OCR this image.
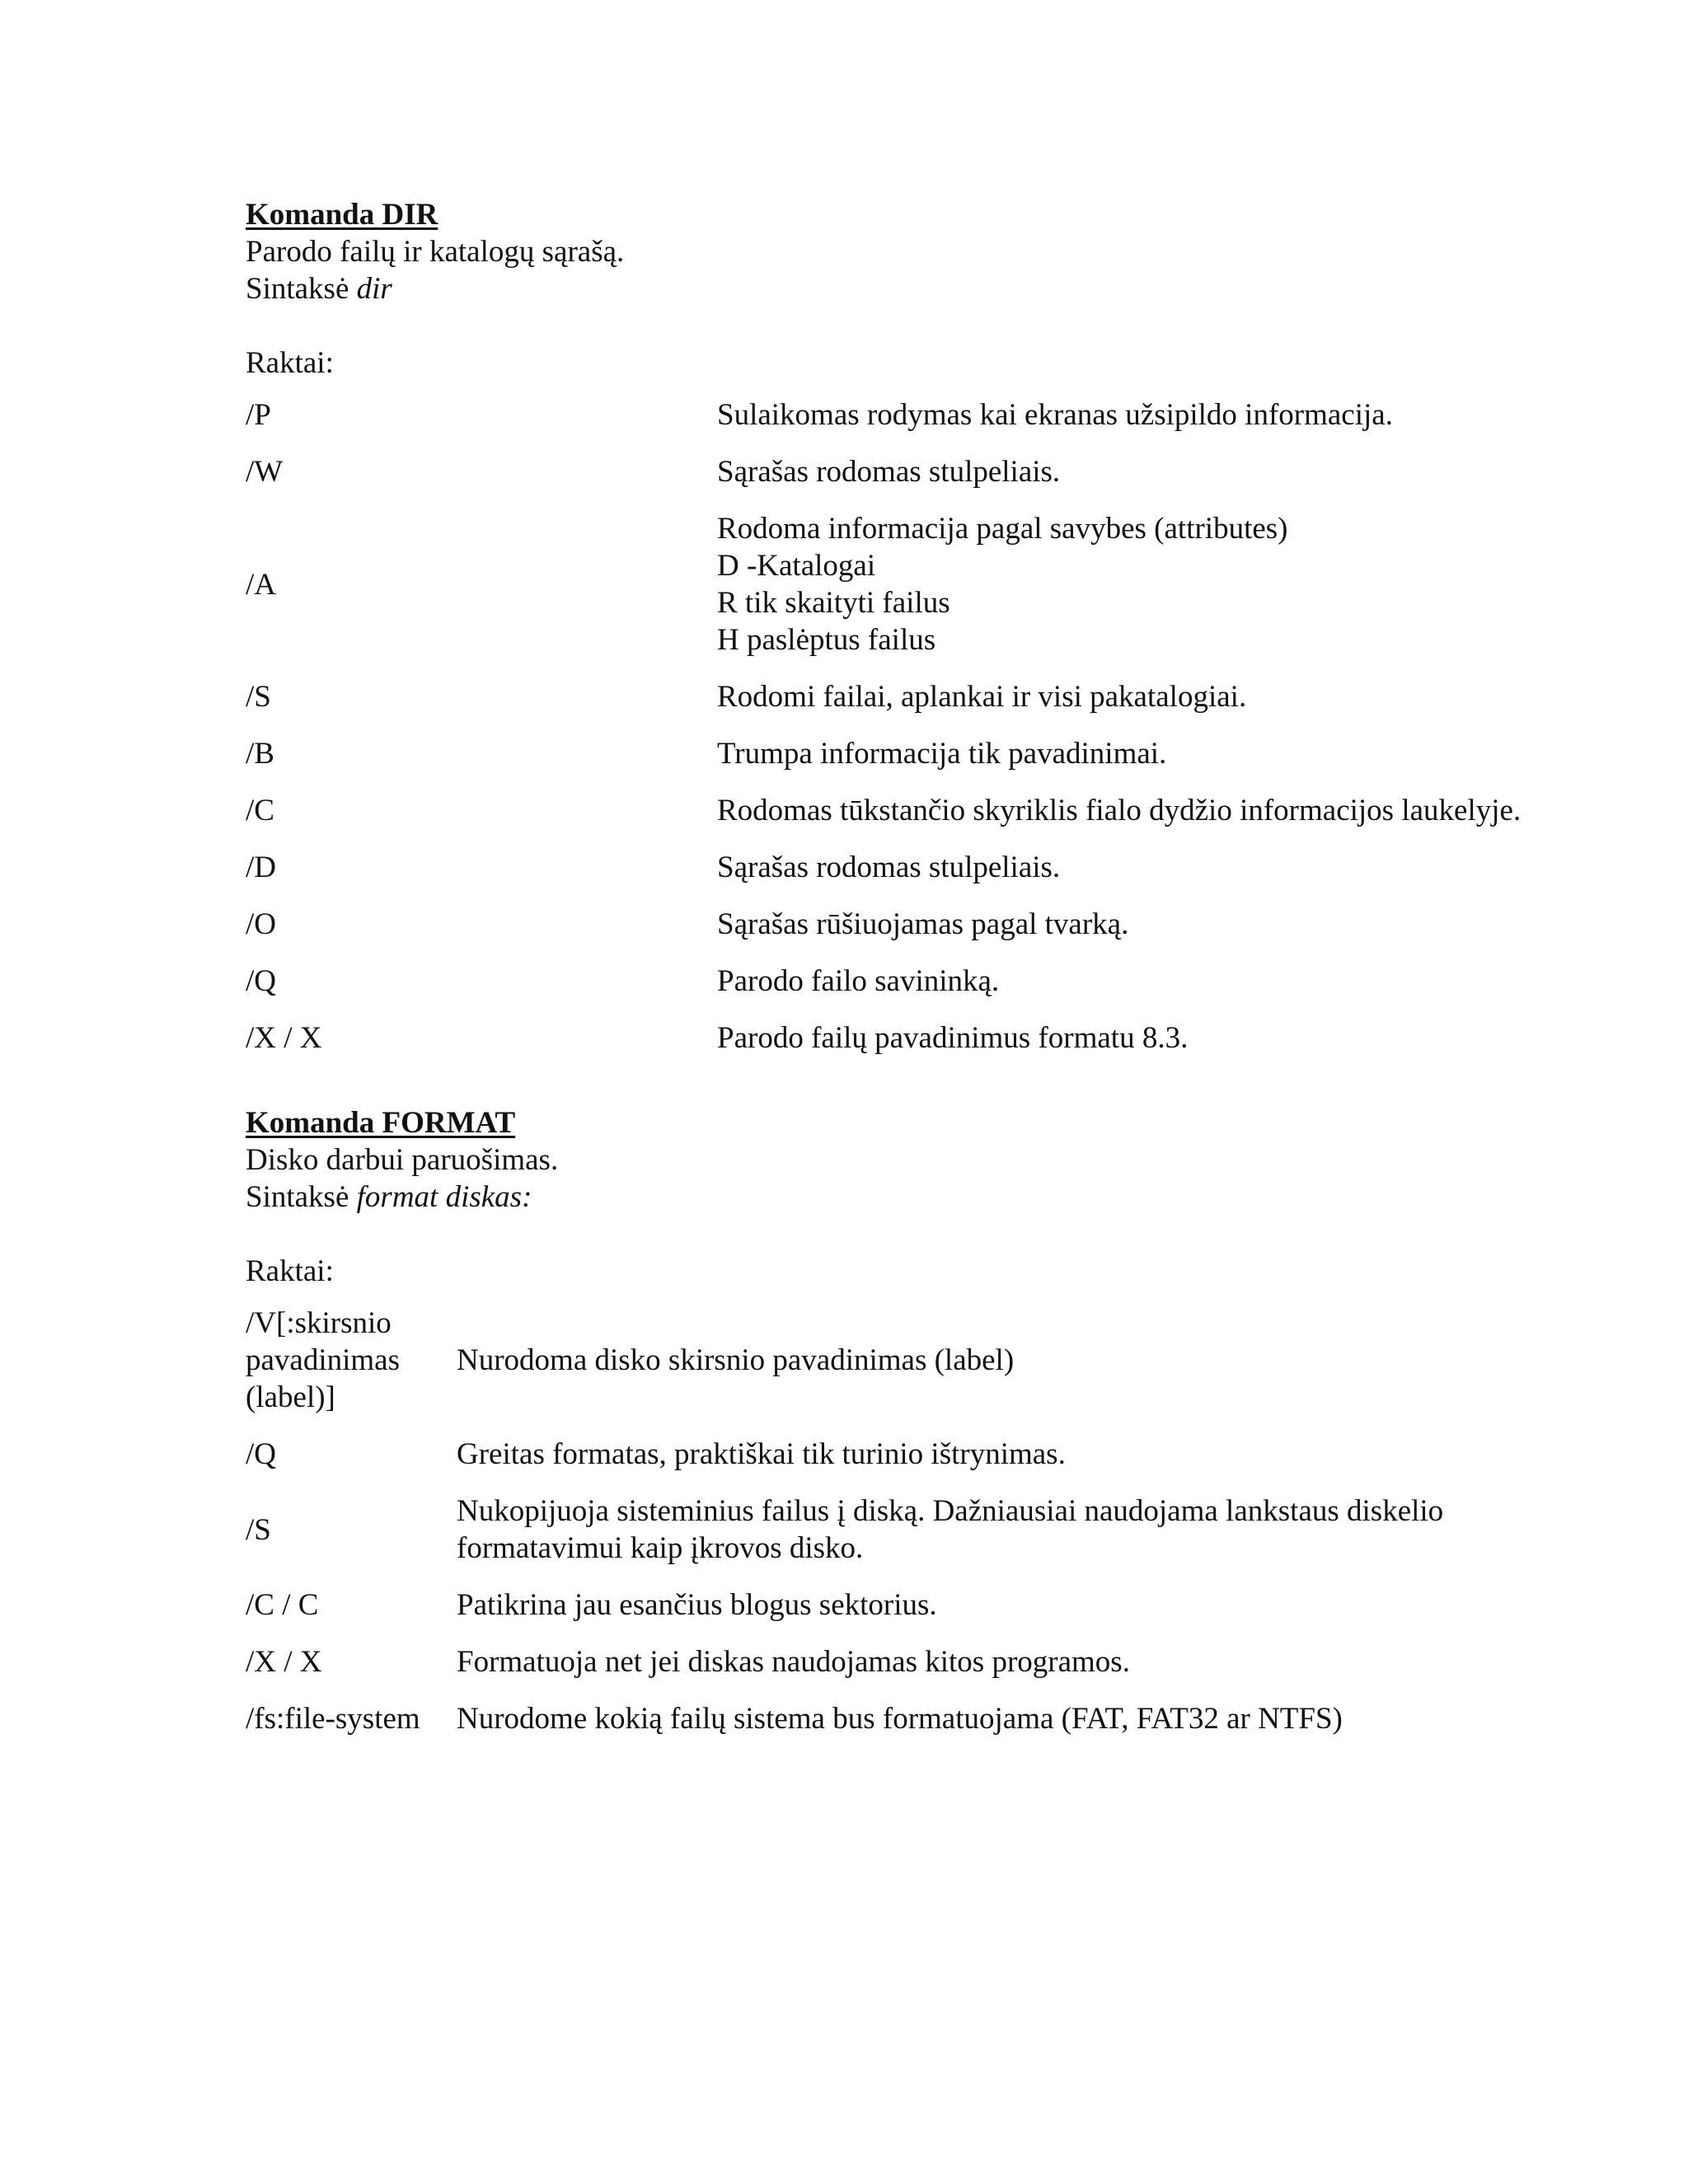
Komanda DIR
Parodo failų ir katalogų sąrašą.
Sintaksė dir
Raktai:
/P	Sulaikomas rodymas kai ekranas užsipildo informacija.

/W	Sąrašas rodomas stulpeliais.

/A	Rodoma informacija pagal savybes (attributes)
D -Katalogai
R tik skaityti failus
H paslėptus failus

/S	Rodomi failai, aplankai ir visi pakatalogiai.

/B	Trumpa informacija tik pavadinimai.

/C	Rodomas tūkstančio skyriklis fialo dydžio informacijos laukelyje.

/D	Sąrašas rodomas stulpeliais.

/O	Sąrašas rūšiuojamas pagal tvarką.

/Q	Parodo failo savininką.

/X / X	Parodo failų pavadinimus formatu 8.3.
Komanda FORMAT
Disko darbui paruošimas.
Sintaksė format diskas:
Raktai:
/V[:skirsnio pavadinimas (label)]	Nurodoma disko skirsnio pavadinimas (label)

/Q	Greitas formatas, praktiškai tik turinio ištrynimas.

/S	Nukopijuoja sisteminius failus į diską. Dažniausiai naudojama lankstaus diskelio
formatavimui kaip įkrovos disko.

/C / C	Patikrina jau esančius blogus sektorius.

/X / X	Formatuoja net jei diskas naudojamas kitos programos.

/fs:file-system	Nurodome kokią failų sistema bus formatuojama (FAT, FAT32 ar NTFS)
